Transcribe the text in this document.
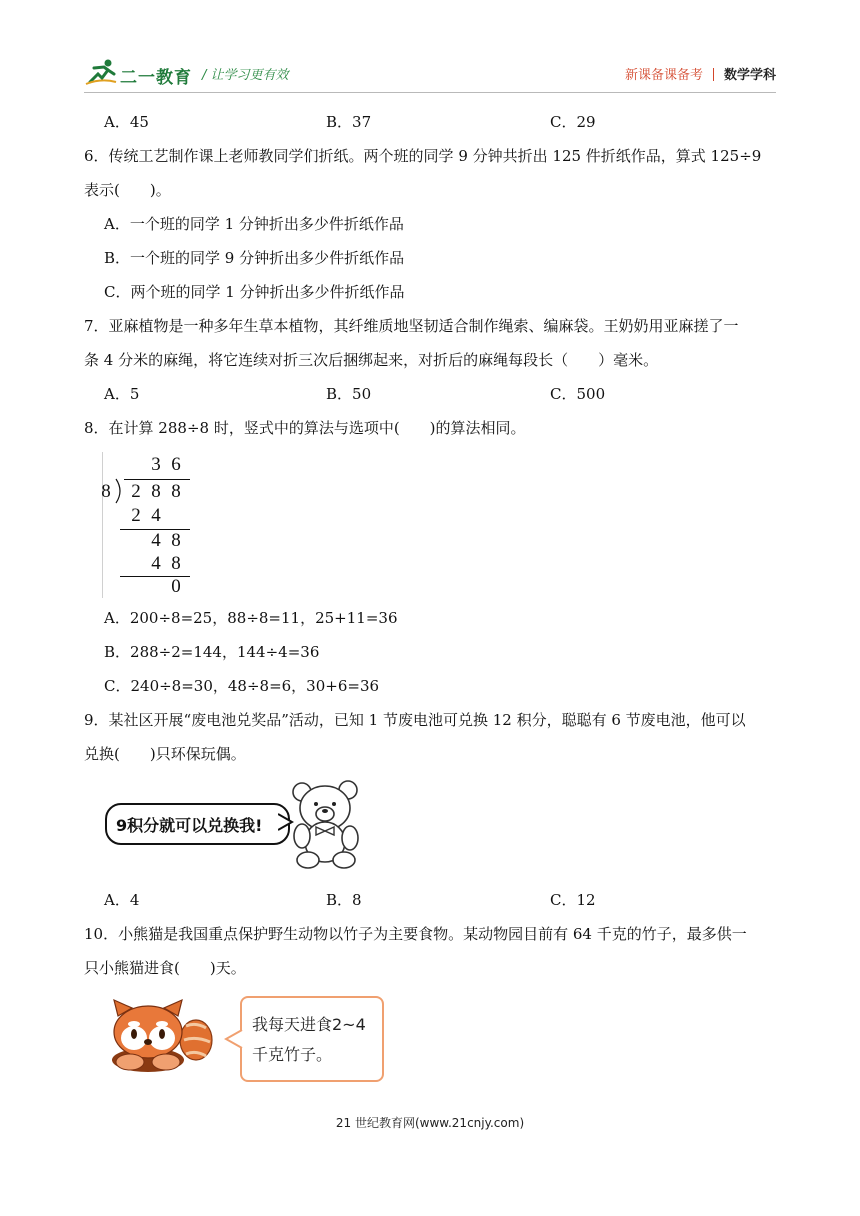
二一教育 / 让学习更有效	新课备课备考 数学学科
A．45	B．37	C．29
6．传统工艺制作课上老师教同学们折纸。两个班的同学 9 分钟共折出 125 件折纸作品，算式 125÷9
表示(　　)。
A．一个班的同学 1 分钟折出多少件折纸作品
B．一个班的同学 9 分钟折出多少件折纸作品
C．两个班的同学 1 分钟折出多少件折纸作品
7．亚麻植物是一种多年生草本植物，其纤维质地坚韧适合制作绳索、编麻袋。王奶奶用亚麻搓了一
条 4 分米的麻绳，将它连续对折三次后捆绑起来，对折后的麻绳每段长（　　）毫米。
A．5	B．50	C．500
8．在计算 288÷8 时，竖式中的算法与选项中(　　)的算法相同。
3 6
8 2 8 8
2 4
4 8
4 8
0
A．200÷8=25，88÷8=11，25+11=36
B．288÷2=144，144÷4=36
C．240÷8=30，48÷8=6，30+6=36
9．某社区开展“废电池兑奖品”活动，已知 1 节废电池可兑换 12 积分，聪聪有 6 节废电池，他可以
兑换(　　)只环保玩偶。
9积分就可以兑换我!
A．4	B．8	C．12
10．小熊猫是我国重点保护野生动物以竹子为主要食物。某动物园目前有 64 千克的竹子，最多供一
只小熊猫进食(　　)天。
我每天进食2~4
千克竹子。
21 世纪教育网(www.21cnjy.com)
